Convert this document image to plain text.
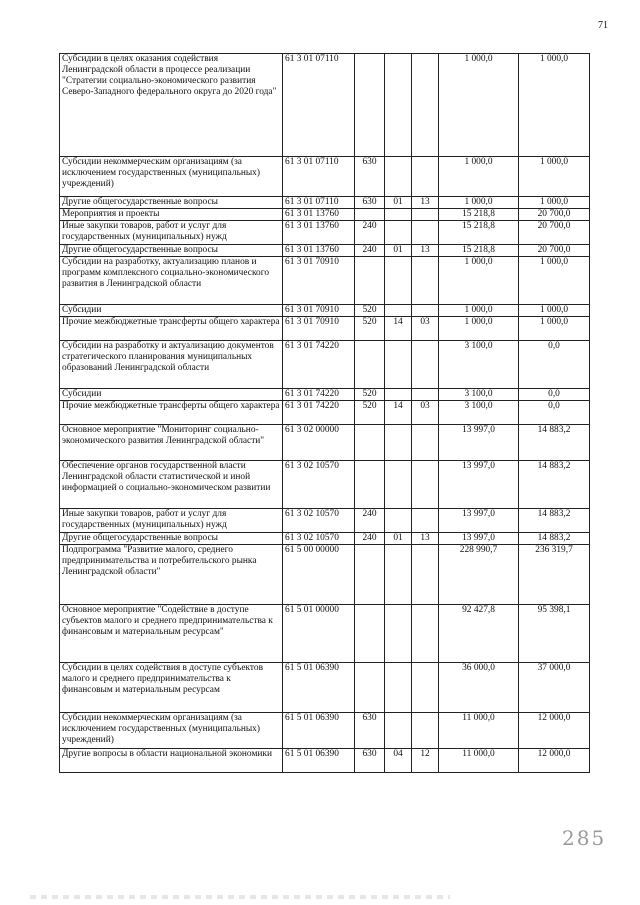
71
Субсидии в целях оказания содействия Ленинградской области в процессе реализации "Стратегии социально-экономического развития Северо-Западного федерального округа до 2020 года"	61 3 01 07110				1 000,0	1 000,0
Субсидии некоммерческим организациям (за исключением государственных (муниципальных) учреждений)	61 3 01 07110	630			1 000,0	1 000,0
Другие общегосударственные вопросы	61 3 01 07110	630	01	13	1 000,0	1 000,0
Мероприятия и проекты	61 3 01 13760				15 218,8	20 700,0
Иные закупки товаров, работ и услуг для государственных (муниципальных) нужд	61 3 01 13760	240			15 218,8	20 700,0
Другие общегосударственные вопросы	61 3 01 13760	240	01	13	15 218,8	20 700,0
Субсидии на разработку, актуализацию планов и программ комплексного социально-экономического развития в Ленинградской области	61 3 01 70910				1 000,0	1 000,0
Субсидии	61 3 01 70910	520			1 000,0	1 000,0
Прочие межбюджетные трансферты общего характера	61 3 01 70910	520	14	03	1 000,0	1 000,0
Субсидии на разработку и актуализацию документов стратегического планирования муниципальных образований Ленинградской области	61 3 01 74220				3 100,0	0,0
Субсидии	61 3 01 74220	520			3 100,0	0,0
Прочие межбюджетные трансферты общего характера	61 3 01 74220	520	14	03	3 100,0	0,0
Основное мероприятие "Мониторинг социально-экономического развития Ленинградской области"	61 3 02 00000				13 997,0	14 883,2
Обеспечение органов государственной власти Ленинградской области статистической и иной информацией о социально-экономическом развитии	61 3 02 10570				13 997,0	14 883,2
Иные закупки товаров, работ и услуг для государственных (муниципальных) нужд	61 3 02 10570	240			13 997,0	14 883,2
Другие общегосударственные вопросы	61 3 02 10570	240	01	13	13 997,0	14 883,2
Подпрограмма "Развитие малого, среднего предпринимательства и потребительского рынка Ленинградской области"	61 5 00 00000				228 990,7	236 319,7
Основное мероприятие "Содействие в доступе субъектов малого и среднего предпринимательства к финансовым и материальным ресурсам"	61 5 01 00000				92 427,8	95 398,1
Субсидии в целях содействия в доступе субъектов малого и среднего предпринимательства к финансовым и материальным ресурсам	61 5 01 06390				36 000,0	37 000,0
Субсидии некоммерческим организациям (за исключением государственных (муниципальных) учреждений)	61 5 01 06390	630			11 000,0	12 000,0
Другие вопросы в области национальной экономики	61 5 01 06390	630	04	12	11 000,0	12 000,0
285
